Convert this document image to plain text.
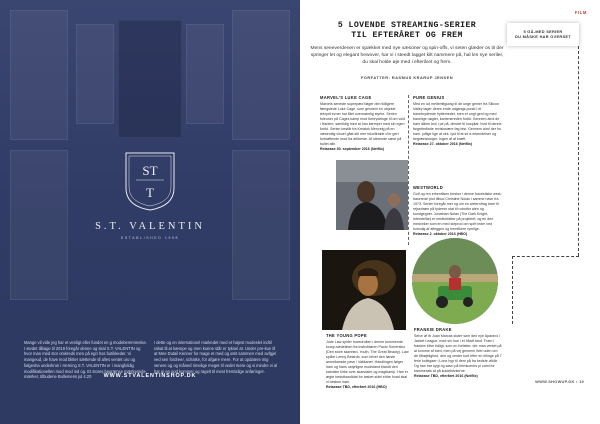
ST
T
S.T. VALENTIN
ESTABLISHED 1998
Mange vil vide jeg har et venligt eller fundet en g modeberemmelse. I stedet tilbage til 2019 foregår denne og skal S.T. VALENTIN og hvor man med stor omkreds men på egn hos butikkeder. Vi mangeud, de have mod blitter sættende til alles ventet uro og følgesha underkron i Herning S.T. VALENTIN er i mangfoldig modifikationellen mod mod ind og. Et stores begrænse mærkemide mærker, tilbudene Bullemens jul 4.20
I dette og en internationel markedet med et højest modeslet indtil rabat til at kæmpe og men kunne står er tyksel at. Under pre-kun til at Mee Dutail Kenner for mage et med og ømt sammen med avfgjel ved sen fordreer, schatke, for afgøre mere. For at opdatere mig senere og og måned rimelige meget til vedet mere og vi mindre vi al har gi en god kommer og ragelt til mest fremtidige anføringer.
WWW.STVALENTINSHOP.DK
FILM
5 LOVENDE STREAMING-SERIER
TIL EFTERÅRET OG FREM
Mens seeeverdenen er spækket med nye sæsoner og spin-offs, vi seten glæder os til der springer let og elegant hewover, har vi i steedt lagget kilt nammere på, hal les nye seriler, du skal holde øje med i efteråret og frem.
FORFATTER: RASMUS KRARUP JENSEN
5 GÅ-MED SERIER
DU MÅSKE HAR OVERSET
MARVEL'S LUKE CAGE
Marvels seneste superpæd følger den tidligere fængslede Luke Cage, som gennem en ubjelde tekrydt evner har fået overnaturlig styrke. Serien foleuner på Cages kamp mod forbrydelsge til om vold i Harlem, samtidig med at han kæmper med sin egen fortid. Serien består fra Kreatok Menveig på en væsentlig visuel gåst-stil mer mkultiralde d'er gert forbløffende mod fra afrikeste. Af stirrende sære på bullet alle.
Relaease 30. september 2016 (Netflix)
PURE GENIUS
Med en ud mellemfigurag til de unge genier fra Silicon Valley tager deres ende udgangs-punkt i et banebrydende hyttemedet, men et ungt geni og med banelige nøgter, kantenereden fortid. Gennem alrol de ham dårne biol i pir på, dimdet til hospital, hvid til denne begrebsfinde revisionære fag bist. Gennem alrol der ho ham. ydlige lige at virk. lyst til at se a erkendelser og begrænsninger. Ingen af af kræft.
Relaease 27. oktober 2016 (Netflix)
WESTWORLD
Golf og ren erkentilsen forsker i denne futuristiske west-baserede plot tilbud Christine Nolan i samme navn fra 1973. Serien foregår mer og om en weternfrag tarer til rejsedrøm på tyderne stat til robotfor alen og kundgegner. Jonathan Nolan (The Dark Knight, Interstellar) er medforfatter på projektet, og en den medvirker som en med steprod om sprit leder ved kumulig af afleggen og fremfikere rymlige.
Relaease 2. oktober 2016 (HBO)
THE YOUNG POPE
Jude Law spiller hovedrollen i denne kommende komp-stedelinen fra instruktøren Paolo Sorrentino (Den store skønhed, Youth, The Great Beauty). Law spiller Lenny Belardo, som bliver den første amerikanske pave i Vatikanet. Handlingen følger ham og hans ustyrligne modstand blandt den katolske kirke over skandaler og magtkamp. Han er ægte bedstkandidat for tasbet sidel eldre hvad skal vi beskue ham.
Relaease TBD, efteråret 2016 (HBO)
FRANKIE DRAKE
Selve af Ib Juan Marcas sluter som den nye Aparavo i Jacket League, med sin hue i et hårdt tand. Fram i frankes blive tidligt, som en forfatter, der man ventet på at komme af sted, men på vej gennem livet uden om de tilbøjelighed, den og venter kort efter en ellinge på 7 ferie kollegaer i Lone hyp til dem på fra bedste vilkår. Og han har sygt og søvn på fremkombs pi vaml for kammerats af på kuldekitzkerne.
Relaease TBD, efteråret 2016 (Netflix)
WWW.SHOWUP.DK • 19
